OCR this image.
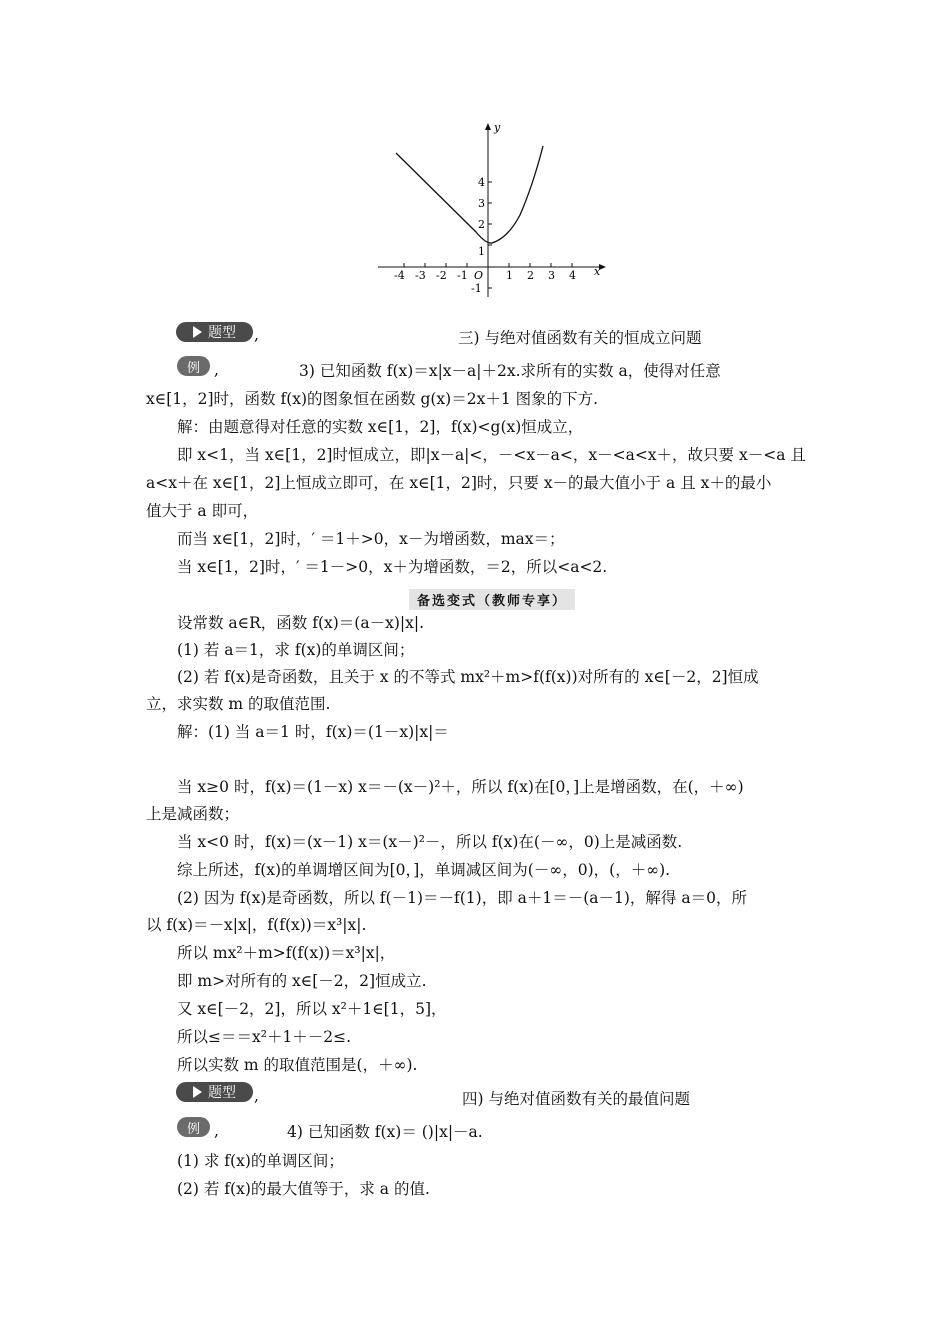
y
x
O
-4 -3 -2 -1	1 2 3 4
4
3
2
1
-1
题型 ,	三) 与绝对值函数有关的恒成立问题
例 ,	3) 已知函数 f(x)＝x|x－a|＋2x.求所有的实数 a，使得对任意
x∈[1，2]时，函数 f(x)的图象恒在函数 g(x)＝2x＋1 图象的下方.
解：由题意得对任意的实数 x∈[1，2]，f(x)<g(x)恒成立，
即 x<1，当 x∈[1，2]时恒成立，即|x－a|<，－<x－a<，x－<a<x＋，故只要 x－<a 且
a<x＋在 x∈[1，2]上恒成立即可，在 x∈[1，2]时，只要 x－的最大值小于 a 且 x＋的最小
值大于 a 即可，
而当 x∈[1，2]时，′ ＝1＋>0，x－为增函数，max＝；
当 x∈[1，2]时，′ ＝1－>0，x＋为增函数，＝2，所以<a<2.
备选变式（教师专享）
设常数 a∈R，函数 f(x)＝(a－x)|x|.
(1) 若 a＝1，求 f(x)的单调区间；
(2) 若 f(x)是奇函数，且关于 x 的不等式 mx²＋m>f(f(x))对所有的 x∈[－2，2]恒成
立，求实数 m 的取值范围.
解：(1) 当 a＝1 时，f(x)＝(1－x)|x|＝
当 x≥0 时，f(x)＝(1－x) x＝－(x－)²＋，所以 f(x)在[0，]上是增函数，在(，＋∞)
上是减函数；
当 x<0 时，f(x)＝(x－1) x＝(x－)²－，所以 f(x)在(－∞，0)上是减函数.
综上所述，f(x)的单调增区间为[0，]，单调减区间为(－∞，0)，(，＋∞).
(2) 因为 f(x)是奇函数，所以 f(－1)＝－f(1)，即 a＋1＝－(a－1)，解得 a＝0，所
以 f(x)＝－x|x|，f(f(x))＝x³|x|.
所以 mx²＋m>f(f(x))＝x³|x|，
即 m>对所有的 x∈[－2，2]恒成立.
又 x∈[－2，2]，所以 x²＋1∈[1，5]，
所以≤＝＝x²＋1＋－2≤.
所以实数 m 的取值范围是(，＋∞).
题型 ,	四) 与绝对值函数有关的最值问题
例 ,	4) 已知函数 f(x)＝ ()|x|－a.
(1) 求 f(x)的单调区间；
(2) 若 f(x)的最大值等于，求 a 的值.
